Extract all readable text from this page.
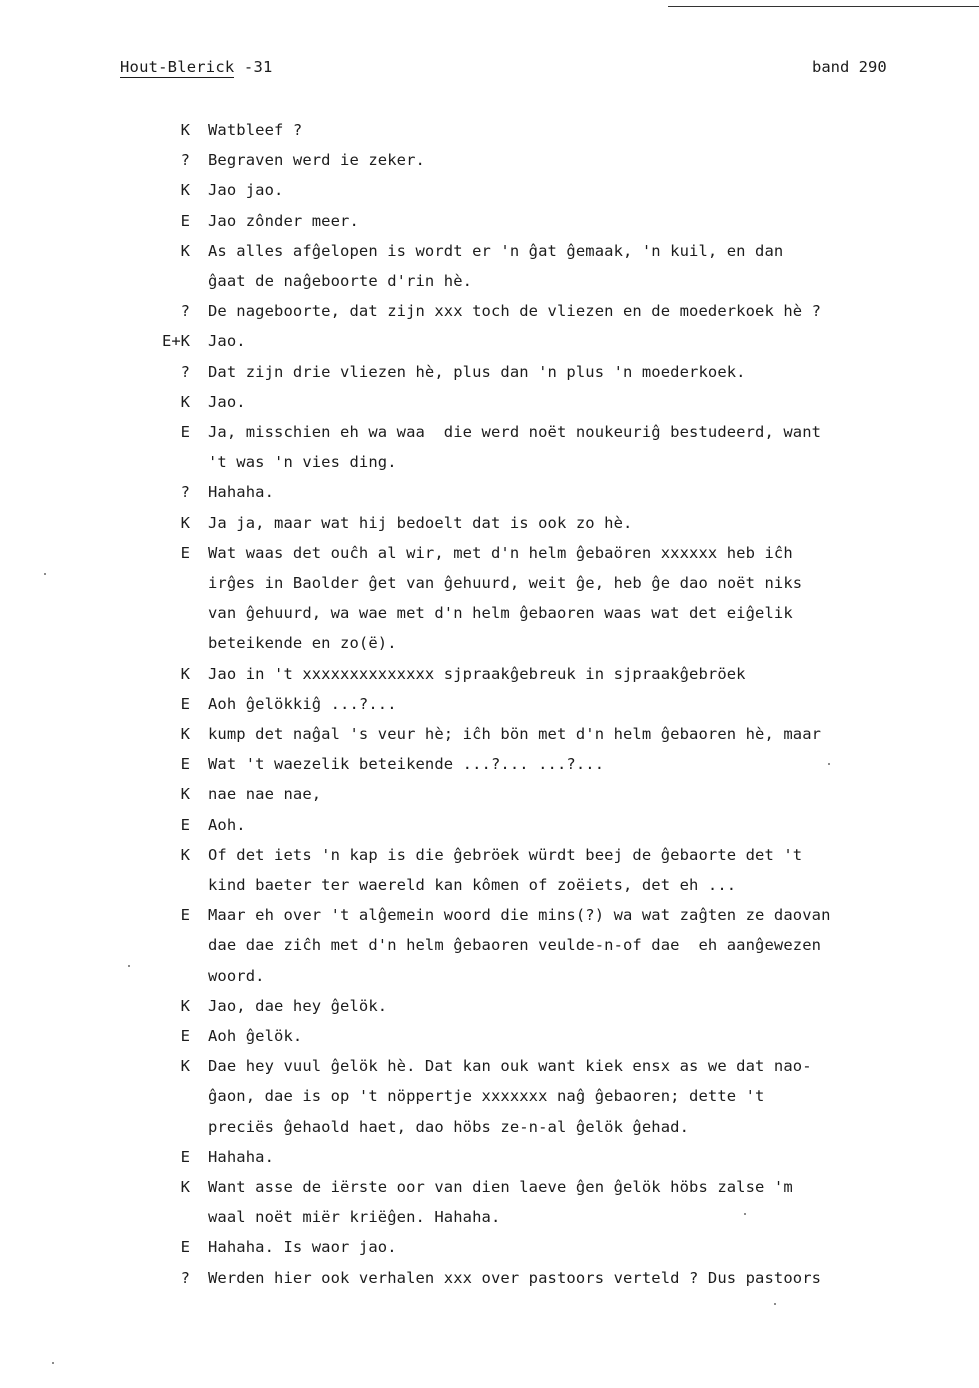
Hout-Blerick -31	band 290
K Watbleef ?
? Begraven werd ie zeker.
K Jao jao.
E Jao zônder meer.
K As alles afĝelopen is wordt er 'n ĝat ĝemaak, 'n kuil, en dan
ĝaat de naĝeboorte d'rin hè.
? De nageboorte, dat zijn xxx toch de vliezen en de moederkoek hè ?
E+K Jao.
? Dat zijn drie vliezen hè, plus dan 'n plus 'n moederkoek.
K Jao.
E Ja, misschien eh wa waa  die werd noët noukeuriĝ bestudeerd, want
't was 'n vies ding.
? Hahaha.
K Ja ja, maar wat hij bedoelt dat is ook zo hè.
E Wat waas det ouĉh al wir, met d'n helm ĝebaören xxxxxx heb iĉh
irĝes in Baolder ĝet van ĝehuurd, weit ĝe, heb ĝe dao noët niks
van ĝehuurd, wa wae met d'n helm ĝebaoren waas wat det eiĝelik
beteikende en zo(ë).
K Jao in 't xxxxxxxxxxxxxx sjpraakĝebreuk in sjpraakĝebröek
E Aoh ĝelökkiĝ ...?...
K kump det naĝal 's veur hè; iĉh bön met d'n helm ĝebaoren hè, maar
E Wat 't waezelik beteikende ...?... ...?...
K nae nae nae,
E Aoh.
K Of det iets 'n kap is die ĝebröek würdt beej de ĝebaorte det 't
kind baeter ter waereld kan kômen of zoëiets, det eh ...
E Maar eh over 't alĝemein woord die mins(?) wa wat zaĝten ze daovan
dae dae ziĉh met d'n helm ĝebaoren veulde-n-of dae  eh aanĝewezen
woord.
K Jao, dae hey ĝelök.
E Aoh ĝelök.
K Dae hey vuul ĝelök hè. Dat kan ouk want kiek ensx as we dat nao-
ĝaon, dae is op 't nöppertje xxxxxxx naĝ ĝebaoren; dette 't
preciës ĝehaold haet, dao höbs ze-n-al ĝelök ĝehad.
E Hahaha.
K Want asse de iërste oor van dien laeve ĝen ĝelök höbs zalse 'm
waal noët miër kriëĝen. Hahaha.
E Hahaha. Is waor jao.
? Werden hier ook verhalen xxx over pastoors verteld ? Dus pastoors
